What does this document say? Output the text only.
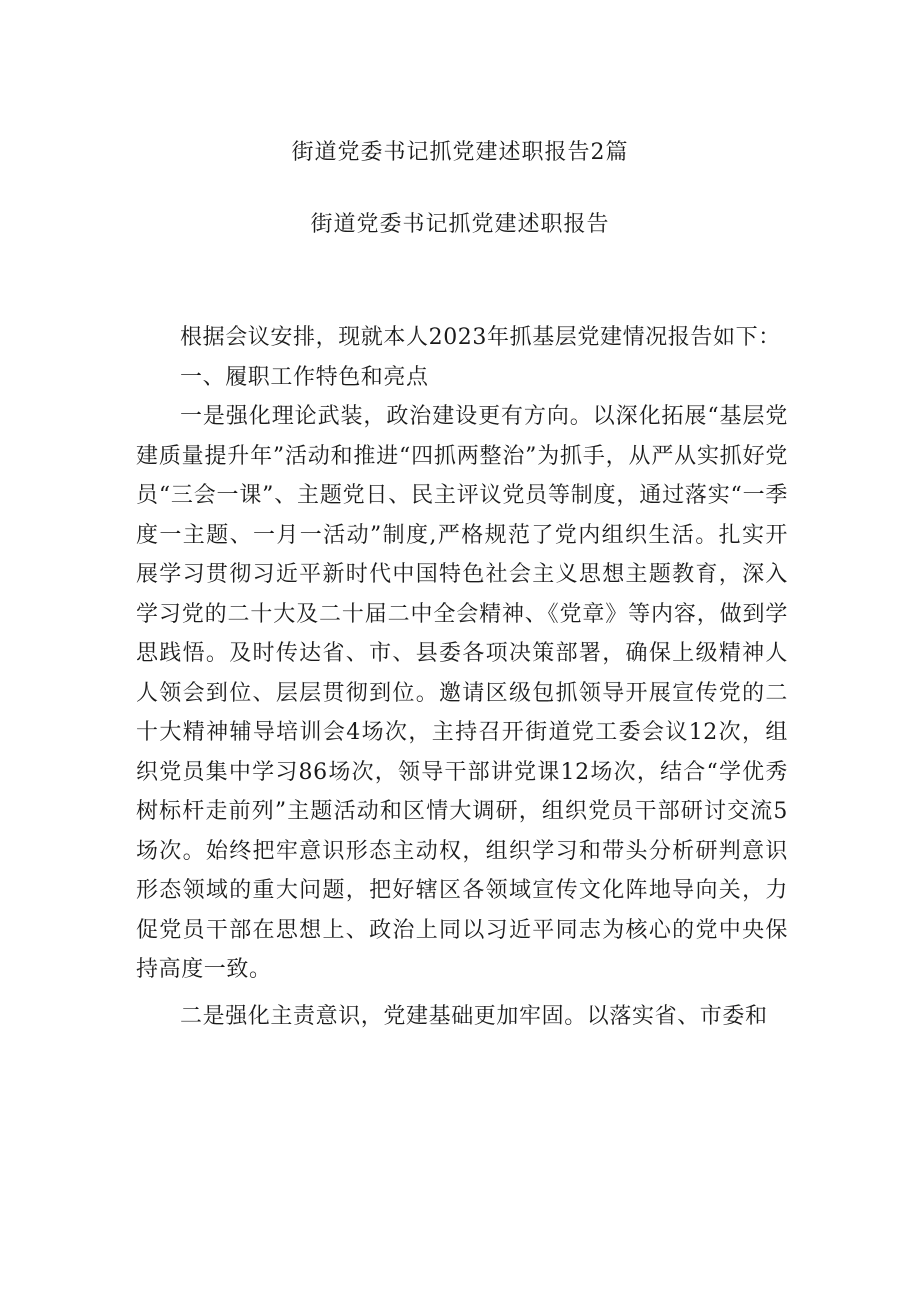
街道党委书记抓党建述职报告2篇
街道党委书记抓党建述职报告

根据会议安排，现就本人2023年抓基层党建情况报告如下：

一、履职工作特色和亮点

一是强化理论武装，政治建设更有方向。以深化拓展“基层党建质量提升年”活动和推进“四抓两整治”为抓手，从严从实抓好党员“三会一课”、主题党日、民主评议党员等制度，通过落实“一季度一主题、一月一活动”制度,严格规范了党内组织生活。扎实开展学习贯彻习近平新时代中国特色社会主义思想主题教育，深入学习党的二十大及二十届二中全会精神、《党章》等内容，做到学思践悟。及时传达省、市、县委各项决策部署，确保上级精神人人领会到位、层层贯彻到位。邀请区级包抓领导开展宣传党的二十大精神辅导培训会4场次，主持召开街道党工委会议12次，组织党员集中学习86场次，领导干部讲党课12场次，结合“学优秀树标杆走前列”主题活动和区情大调研，组织党员干部研讨交流5场次。始终把牢意识形态主动权，组织学习和带头分析研判意识形态领域的重大问题，把好辖区各领域宣传文化阵地导向关，力促党员干部在思想上、政治上同以习近平同志为核心的党中央保持高度一致。

二是强化主责意识，党建基础更加牢固。以落实省、市委和
